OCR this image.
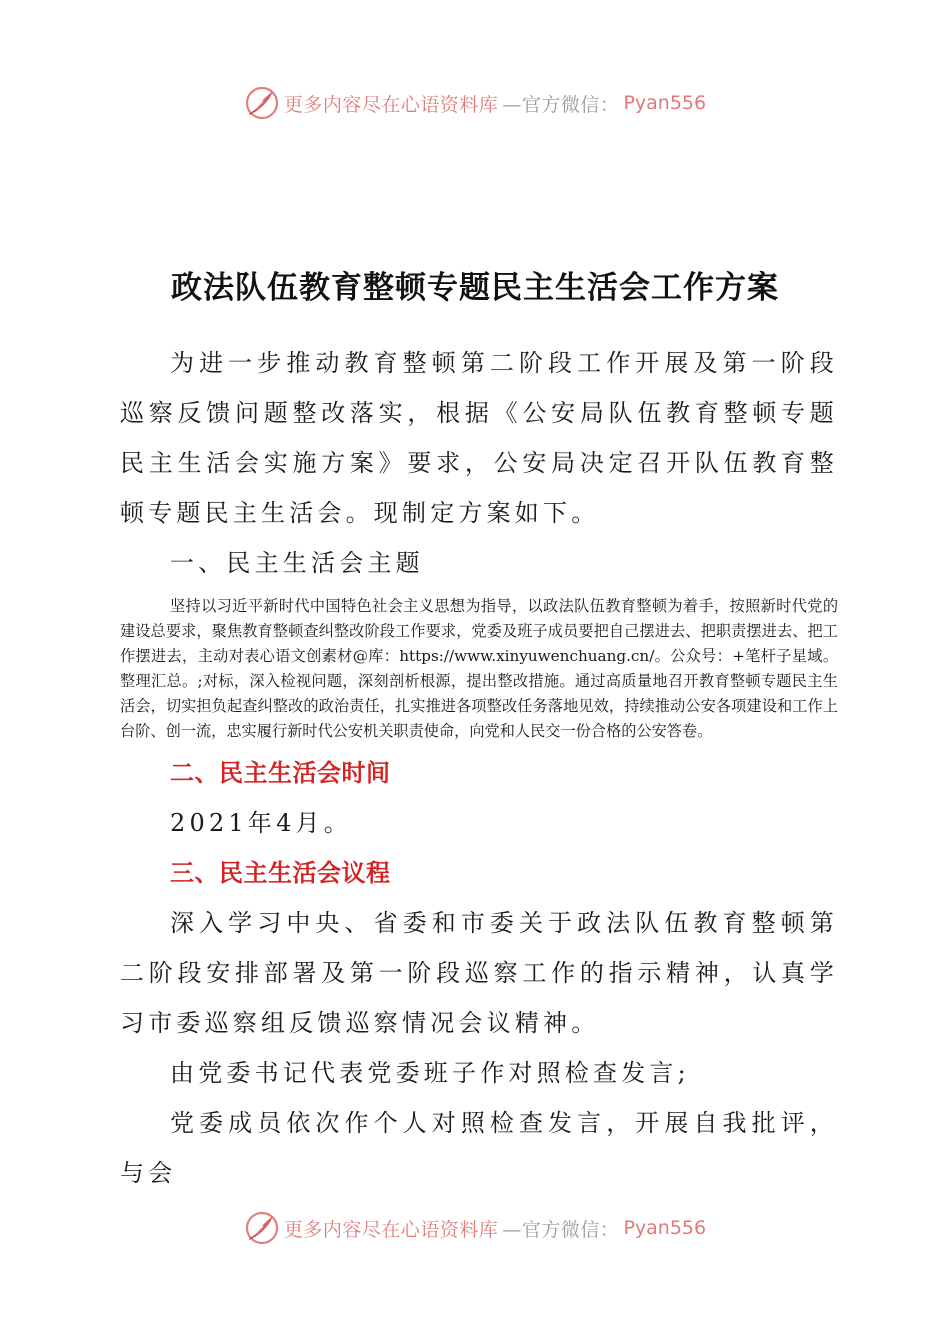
更多内容尽在心语资料库 —官方微信： Pyan556
政法队伍教育整顿专题民主生活会工作方案

为进一步推动教育整顿第二阶段工作开展及第一阶段巡察反馈问题整改落实，根据《公安局队伍教育整顿专题民主生活会实施方案》要求，公安局决定召开队伍教育整顿专题民主生活会。现制定方案如下。

一、民主生活会主题

坚持以习近平新时代中国特色社会主义思想为指导，以政法队伍教育整顿为着手，按照新时代党的建设总要求，聚焦教育整顿查纠整改阶段工作要求，党委及班子成员要把自己摆进去、把职责摆进去、把工作摆进去，主动对表心语文创素材@库：https://www.xinyuwenchuang.cn/。公众号：+笔杆子星域。整理汇总。;对标，深入检视问题，深刻剖析根源，提出整改措施。通过高质量地召开教育整顿专题民主生活会，切实担负起查纠整改的政治责任，扎实推进各项整改任务落地见效，持续推动公安各项建设和工作上台阶、创一流，忠实履行新时代公安机关职责使命，向党和人民交一份合格的公安答卷。

二、民主生活会时间

2021年4月。

三、民主生活会议程

深入学习中央、省委和市委关于政法队伍教育整顿第二阶段安排部署及第一阶段巡察工作的指示精神，认真学习市委巡察组反馈巡察情况会议精神。

由党委书记代表党委班子作对照检查发言;

党委成员依次作个人对照检查发言，开展自我批评，与会

更多内容尽在心语资料库 —官方微信： Pyan556
